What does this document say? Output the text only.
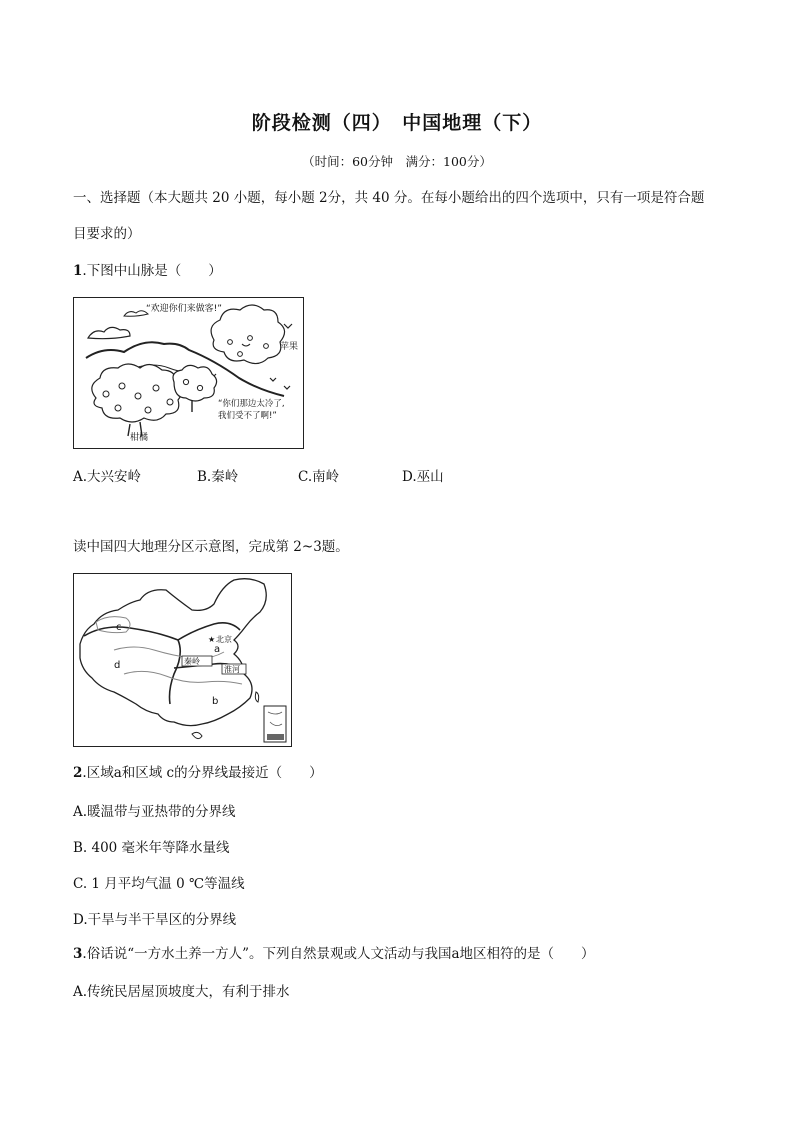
阶段检测（四）　中国地理（下）
（时间：60分钟　满分：100分）
一、选择题（本大题共 20 小题，每小题 2分，共 40 分。在每小题给出的四个选项中，只有一项是符合题
目要求的）
1.下图中山脉是（　　）
“欢迎你们来做客!”
苹果
“你们那边太冷了,
我们受不了啊!”
柑橘
A.大兴安岭	B.秦岭	C.南岭	D.巫山
读中国四大地理分区示意图，完成第 2~3题。
★ 北京
秦岭
淮河
a
b
c
d
2.区域a和区域 c的分界线最接近（　　）
A.暖温带与亚热带的分界线
B. 400 毫米年等降水量线
C. 1 月平均气温 0 ℃等温线
D.干旱与半干旱区的分界线
3.俗话说“一方水土养一方人”。下列自然景观或人文活动与我国a地区相符的是（　　）
A.传统民居屋顶坡度大，有利于排水
